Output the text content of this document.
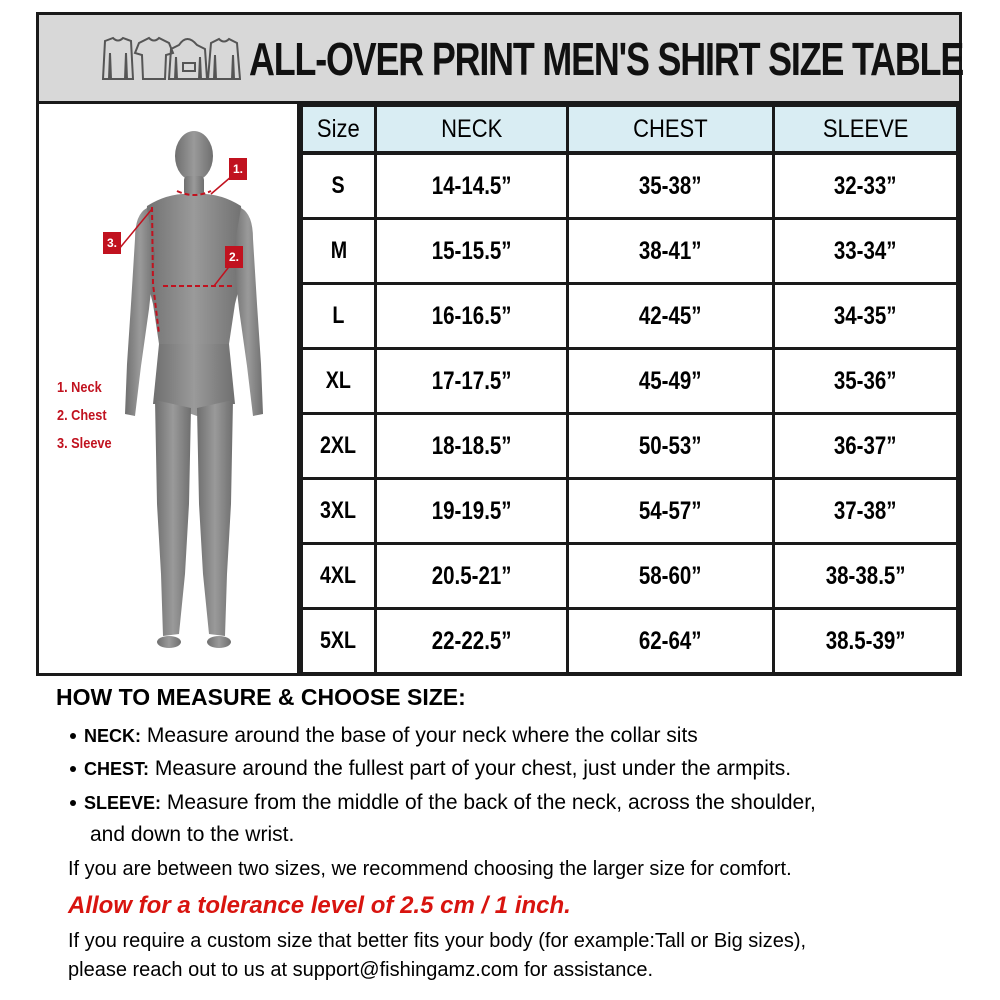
ALL-OVER PRINT MEN'S SHIRT SIZE TABLE
1.
2.
3.
1. Neck
2. Chest
3. Sleeve
Size	NECK	CHEST	SLEEVE
S	14-14.5”	35-38”	32-33”
M	15-15.5”	38-41”	33-34”
L	16-16.5”	42-45”	34-35”
XL	17-17.5”	45-49”	35-36”
2XL	18-18.5”	50-53”	36-37”
3XL	19-19.5”	54-57”	37-38”
4XL	20.5-21”	58-60”	38-38.5”
5XL	22-22.5”	62-64”	38.5-39”
HOW TO MEASURE & CHOOSE SIZE:
NECK: Measure around the base of your neck where the collar sits
CHEST: Measure around the fullest part of your chest, just under the armpits.
SLEEVE: Measure from the middle of the back of the neck, across the shoulder,
and down to the wrist.
If you are between two sizes, we recommend choosing the larger size for comfort.
Allow for a tolerance level of 2.5 cm / 1 inch.
If you require a custom size that better fits your body (for example:Tall or Big sizes),
please reach out to us at support@fishingamz.com for assistance.
